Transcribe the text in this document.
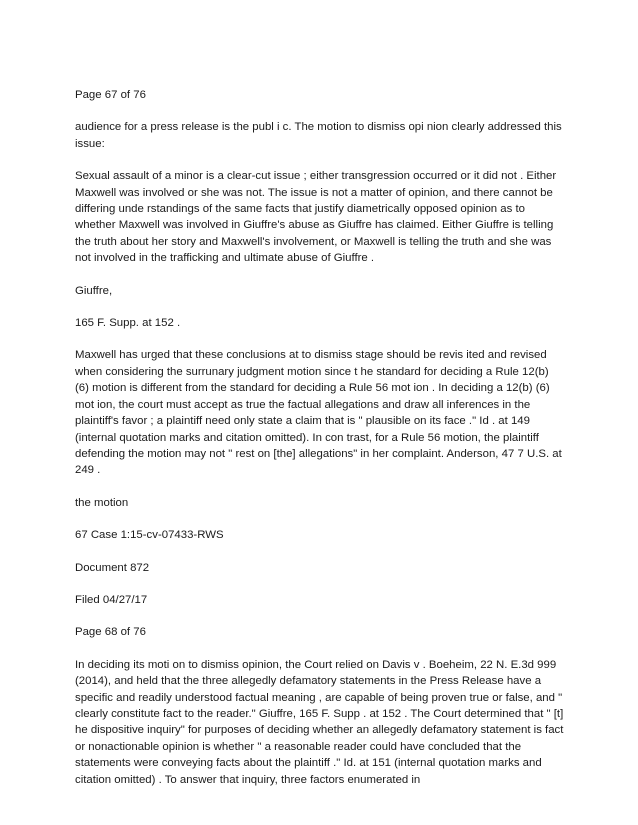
Page 67 of 76

audience for a press release is the publ i c. The motion to dismiss opi nion clearly addressed this issue:

Sexual assault of a minor is a clear-cut issue ; either transgression occurred or it did not . Either Maxwell was involved or she was not. The issue is not a matter of opinion, and there cannot be differing unde rstandings of the same facts that justify diametrically opposed opinion as to whether Maxwell was involved in Giuffre's abuse as Giuffre has claimed. Either Giuffre is telling the truth about her story and Maxwell's involvement, or Maxwell is telling the truth and she was not involved in the trafficking and ultimate abuse of Giuffre .

Giuffre,

165 F. Supp. at 152 .

Maxwell has urged that these conclusions at to dismiss stage should be revis ited and revised when considering the surrunary judgment motion since t he standard for deciding a Rule 12(b) (6) motion is different from the standard for deciding a Rule 56 mot ion . In deciding a 12(b) (6) mot ion, the court must accept as true the factual allegations and draw all inferences in the plaintiff's favor ; a plaintiff need only state a claim that is " plausible on its face ." Id . at 149 (internal quotation marks and citation omitted). In con trast, for a Rule 56 motion, the plaintiff defending the motion may not " rest on [the] allegations" in her complaint. Anderson, 47 7 U.S. at 249 .

the motion

67 Case 1:15-cv-07433-RWS

Document 872

Filed 04/27/17

Page 68 of 76

In deciding its moti on to dismiss opinion, the Court relied on Davis v . Boeheim, 22 N. E.3d 999 (2014), and held that the three allegedly defamatory statements in the Press Release have a specific and readily understood factual meaning , are capable of being proven true or false, and " clearly constitute fact to the reader." Giuffre, 165 F. Supp . at 152 . The Court determined that " [t] he dispositive inquiry" for purposes of deciding whether an allegedly defamatory statement is fact or nonactionable opinion is whether " a reasonable reader could have concluded that the statements were conveying facts about the plaintiff ." Id. at 151 (internal quotation marks and citation omitted) . To answer that inquiry, three factors enumerated in
